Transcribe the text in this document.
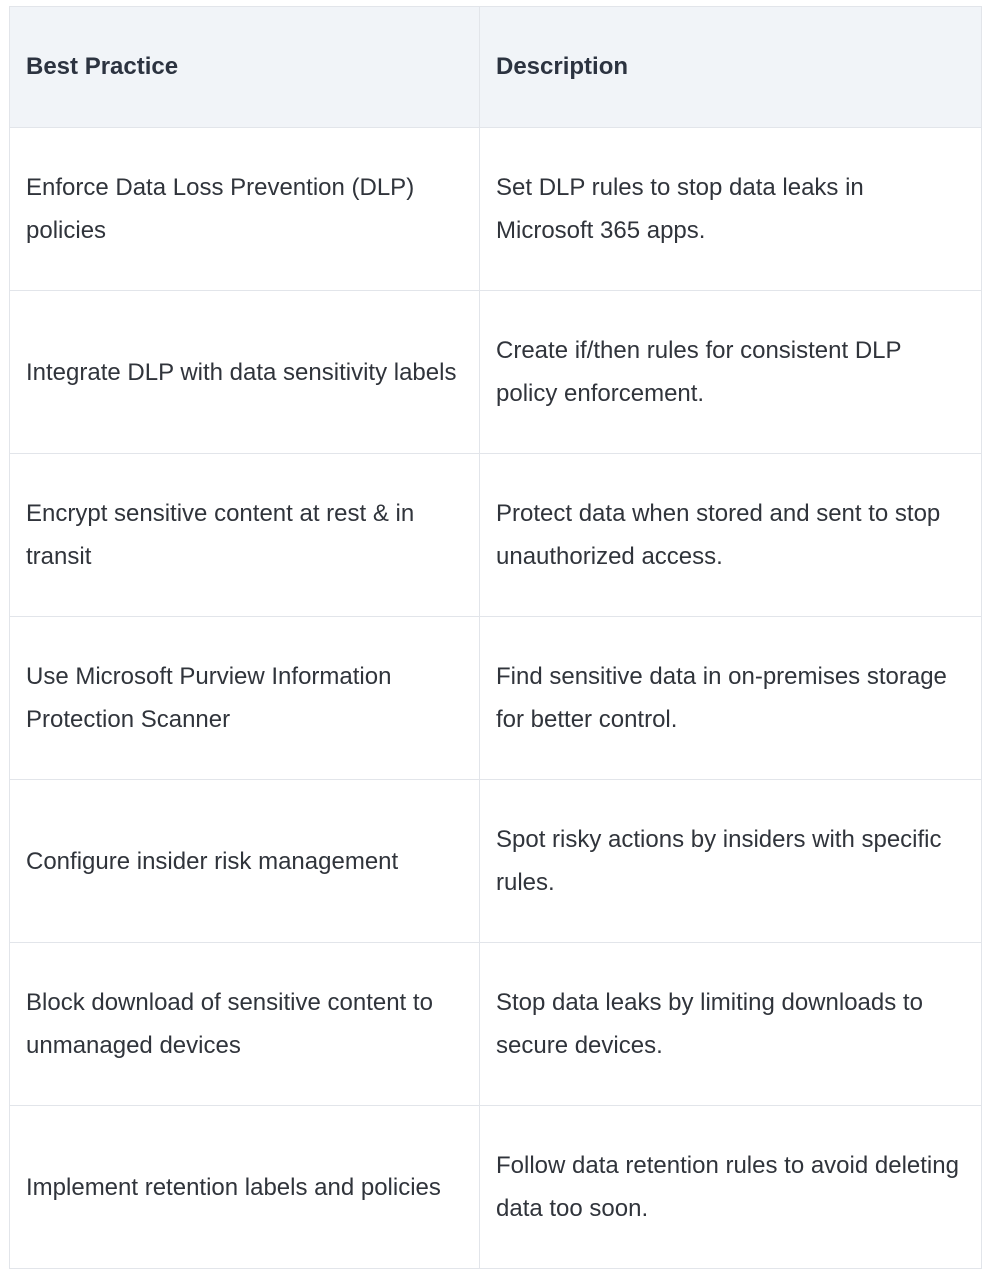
Best Practice	Description
Enforce Data Loss Prevention (DLP) policies	Set DLP rules to stop data leaks in Microsoft 365 apps.
Integrate DLP with data sensitivity labels	Create if/then rules for consistent DLP policy enforcement.
Encrypt sensitive content at rest & in transit	Protect data when stored and sent to stop unauthorized access.
Use Microsoft Purview Information Protection Scanner	Find sensitive data in on-premises storage for better control.
Configure insider risk management	Spot risky actions by insiders with specific rules.
Block download of sensitive content to unmanaged devices	Stop data leaks by limiting downloads to secure devices.
Implement retention labels and policies	Follow data retention rules to avoid deleting data too soon.
